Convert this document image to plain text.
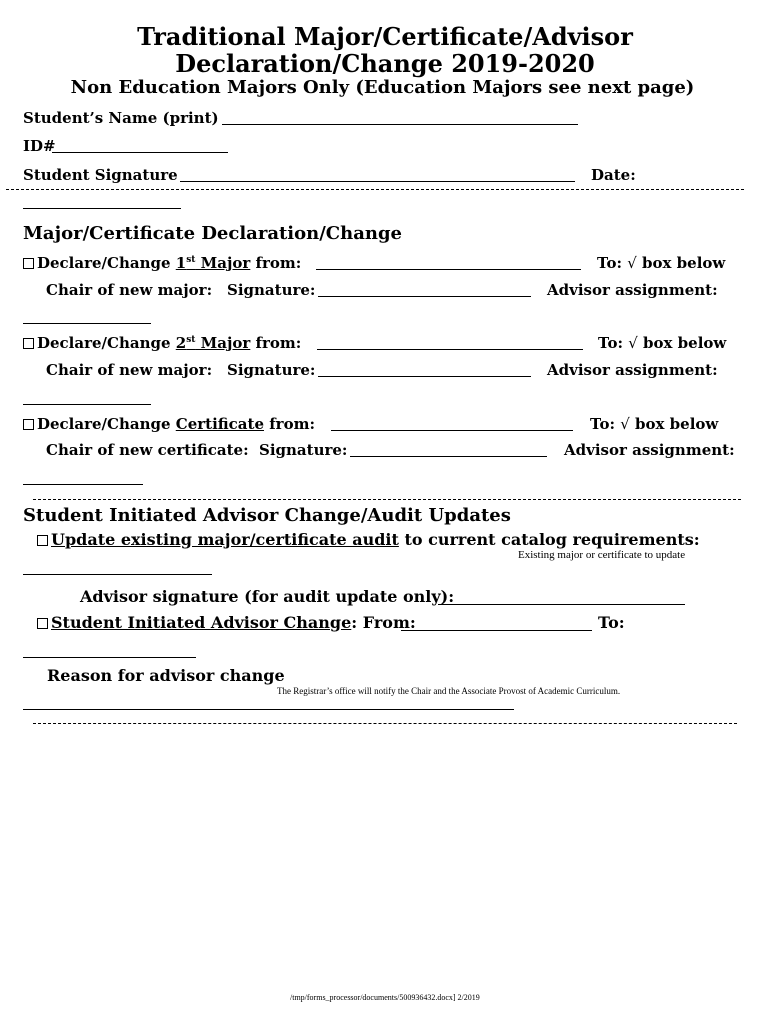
Traditional Major/Certificate/Advisor
Declaration/Change 2019-2020
Non Education Majors Only (Education Majors see next page)
Student’s Name (print)
ID#
Student Signature	Date:
Major/Certificate Declaration/Change
Declare/Change 1st Major from:	To: √ box below
Chair of new major: Signature:	Advisor assignment:
Declare/Change 2st Major from:	To: √ box below
Chair of new major: Signature:	Advisor assignment:
Declare/Change Certificate from:	To: √ box below
Chair of new certificate: Signature:	Advisor assignment:
Student Initiated Advisor Change/Audit Updates
Update existing major/certificate audit to current catalog requirements:
Existing major or certificate to update
Advisor signature (for audit update only):
Student Initiated Advisor Change: From:	To:
Reason for advisor change
The Registrar’s office will notify the Chair and the Associate Provost of Academic Curriculum.
/tmp/forms_processor/documents/500936432.docx] 2/2019
